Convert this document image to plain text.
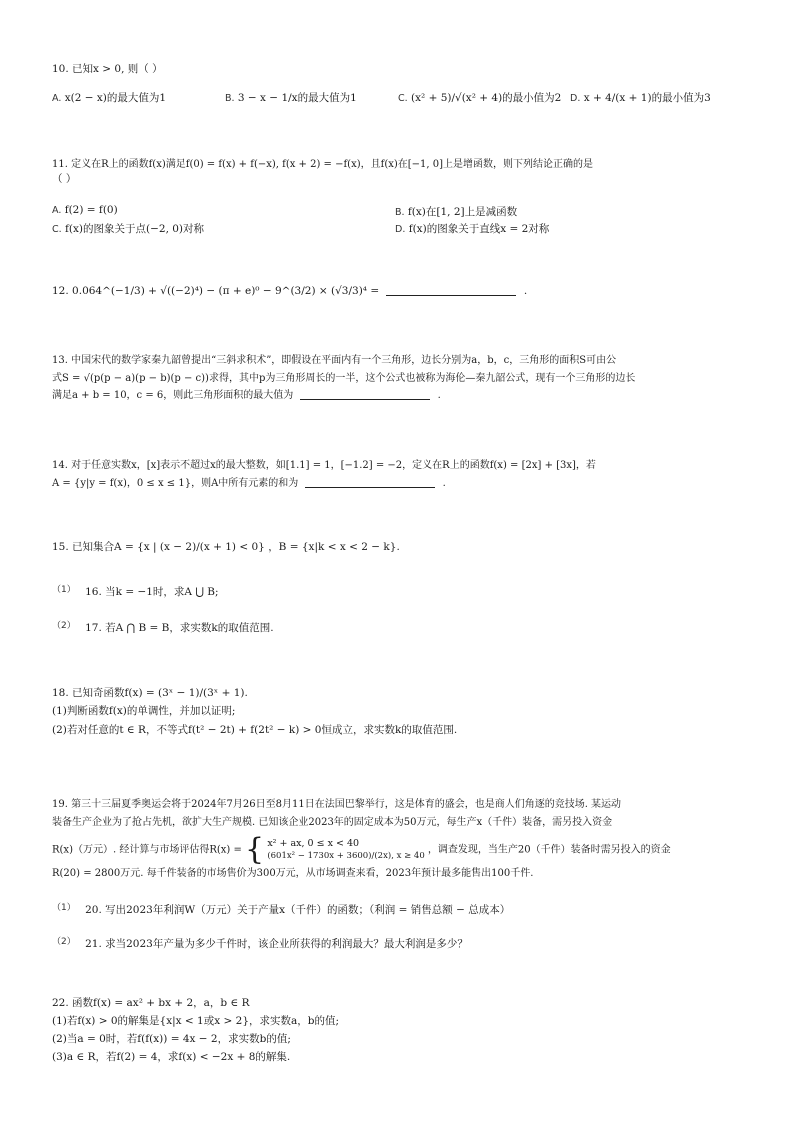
10. 已知x > 0, 则（ ）
A. x(2 − x)的最大值为1	B. 3 − x − 1/x的最大值为1	C. (x² + 5)/√(x² + 4)的最小值为2 D. x + 4/(x + 1)的最小值为3
11. 定义在R上的函数f(x)满足f(0) = f(x) + f(−x), f(x + 2) = −f(x)，且f(x)在[−1, 0]上是增函数，则下列结论正确的是
（ ）
A. f(2) = f(0)	B. f(x)在[1, 2]上是减函数
C. f(x)的图象关于点(−2, 0)对称	D. f(x)的图象关于直线x = 2对称
12. 0.064^(−1/3) + √((−2)⁴) − (π + e)⁰ − 9^(3/2) × (√3/3)⁴ =	.
13. 中国宋代的数学家秦九韶曾提出“三斜求积术”，即假设在平面内有一个三角形，边长分别为a，b，c，三角形的面积S可由公
式S = √(p(p − a)(p − b)(p − c))求得，其中p为三角形周长的一半，这个公式也被称为海伦—秦九韶公式，现有一个三角形的边长
满足a + b = 10，c = 6，则此三角形面积的最大值为	.
14. 对于任意实数x，[x]表示不超过x的最大整数，如[1.1] = 1，[−1.2] = −2，定义在R上的函数f(x) = [2x] + [3x]，若
A = {y|y = f(x)，0 ≤ x ≤ 1}，则A中所有元素的和为	.
15. 已知集合A = {x | (x − 2)/(x + 1) < 0} ，B = {x|k < x < 2 − k}.
（1） 16. 当k = −1时，求A ⋃ B;
（2） 17. 若A ⋂ B = B，求实数k的取值范围.
18. 已知奇函数f(x) = (3ˣ − 1)/(3ˣ + 1).
(1)判断函数f(x)的单调性，并加以证明;
(2)若对任意的t ∈ R，不等式f(t² − 2t) + f(2t² − k) > 0恒成立，求实数k的取值范围.
19. 第三十三届夏季奥运会将于2024年7月26日至8月11日在法国巴黎举行，这是体育的盛会，也是商人们角逐的竞技场. 某运动
装备生产企业为了抢占先机，欲扩大生产规模. 已知该企业2023年的固定成本为50万元，每生产x（千件）装备，需另投入资金
R(x)（万元）. 经计算与市场评估得R(x) = { x² + ax, 0 ≤ x < 40
(601x² − 1730x + 3600)/(2x), x ≥ 40
，调查发现，当生产20（千件）装备时需另投入的资金
R(20) = 2800万元. 每千件装备的市场售价为300万元，从市场调查来看，2023年预计最多能售出100千件.
（1） 20. 写出2023年利润W（万元）关于产量x（千件）的函数；（利润 = 销售总额 − 总成本）
（2） 21. 求当2023年产量为多少千件时，该企业所获得的利润最大？最大利润是多少？
22. 函数f(x) = ax² + bx + 2，a，b ∈ R
(1)若f(x) > 0的解集是{x|x < 1或x > 2}，求实数a，b的值;
(2)当a = 0时，若f(f(x)) = 4x − 2，求实数b的值;
(3)a ∈ R，若f(2) = 4，求f(x) < −2x + 8的解集.
